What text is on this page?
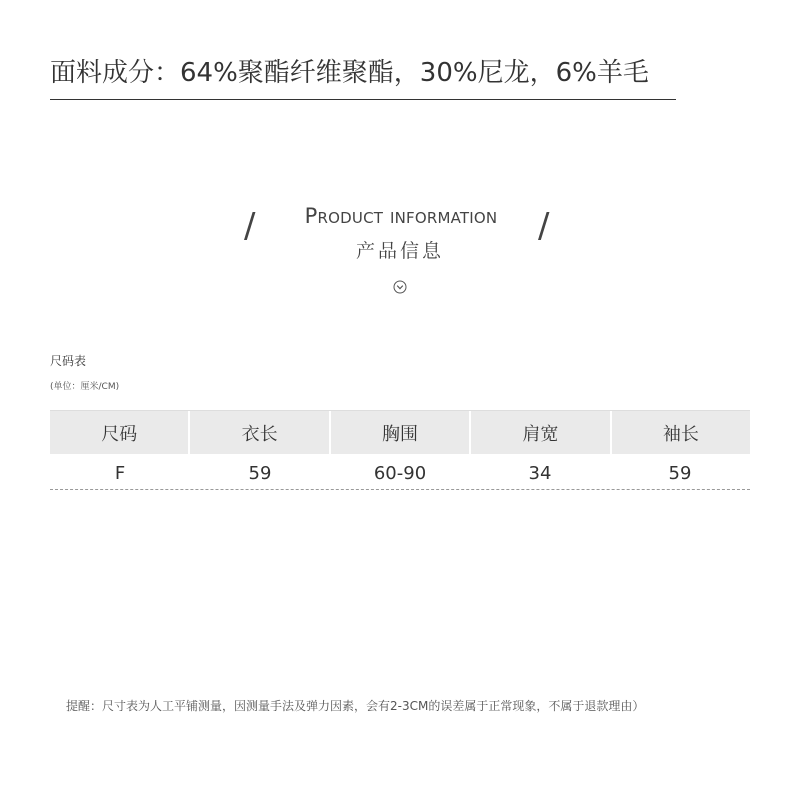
面料成分：64%聚酯纤维聚酯，30%尼龙，6%羊毛
/	Product information	/
产品信息
尺码表
(单位：厘米/CM)
尺码	衣长	胸围	肩宽	袖长
F	59	60-90	34	59
提醒：尺寸表为人工平铺测量，因测量手法及弹力因素，会有2-3CM的误差属于正常现象，不属于退款理由）
